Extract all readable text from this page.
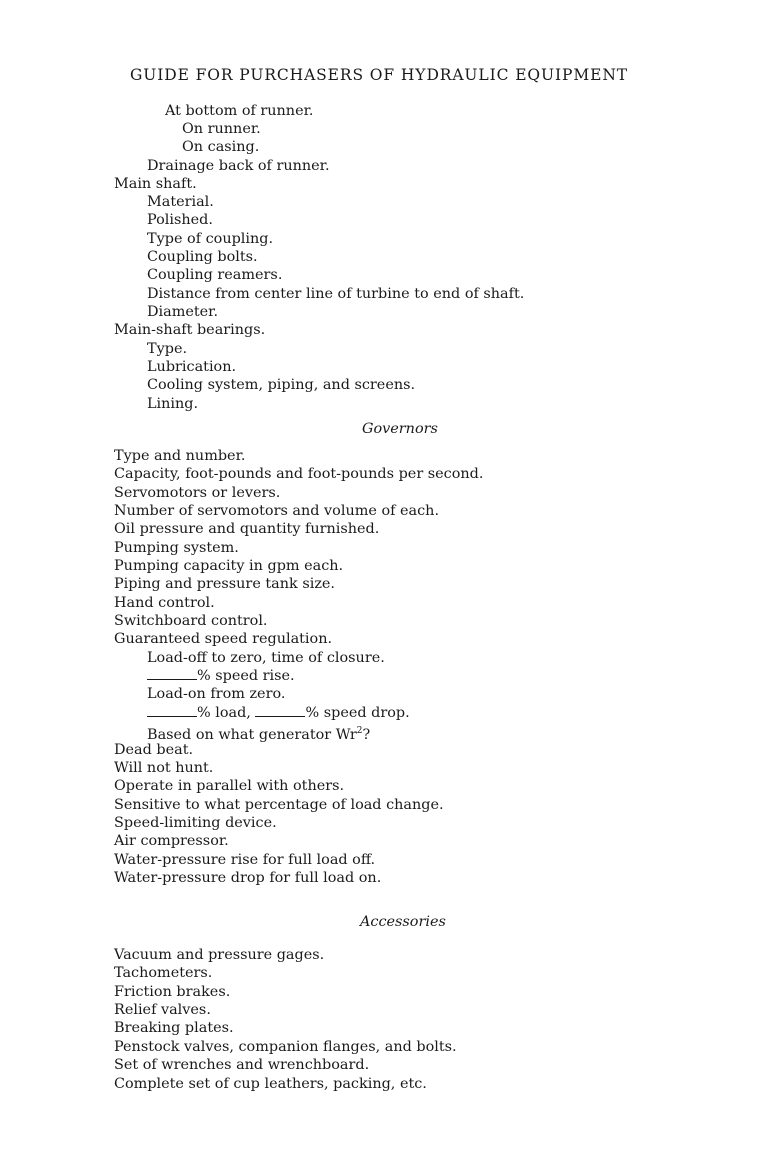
GUIDE FOR PURCHASERS OF HYDRAULIC EQUIPMENT
At bottom of runner.
On runner.
On casing.
Drainage back of runner.
Main shaft.
Material.
Polished.
Type of coupling.
Coupling bolts.
Coupling reamers.
Distance from center line of turbine to end of shaft.
Diameter.
Main-shaft bearings.
Type.
Lubrication.
Cooling system, piping, and screens.
Lining.
Governors
Type and number.
Capacity, foot-pounds and foot-pounds per second.
Servomotors or levers.
Number of servomotors and volume of each.
Oil pressure and quantity furnished.
Pumping system.
Pumping capacity in gpm each.
Piping and pressure tank size.
Hand control.
Switchboard control.
Guaranteed speed regulation.
Load-off to zero, time of closure.
% speed rise.
Load-on from zero.
% load,	% speed drop.
Based on what generator Wr$^2$?
Dead beat.
Will not hunt.
Operate in parallel with others.
Sensitive to what percentage of load change.
Speed-limiting device.
Air compressor.
Water-pressure rise for full load off.
Water-pressure drop for full load on.
Accessories
Vacuum and pressure gages.
Tachometers.
Friction brakes.
Relief valves.
Breaking plates.
Penstock valves, companion flanges, and bolts.
Set of wrenches and wrenchboard.
Complete set of cup leathers, packing, etc.
